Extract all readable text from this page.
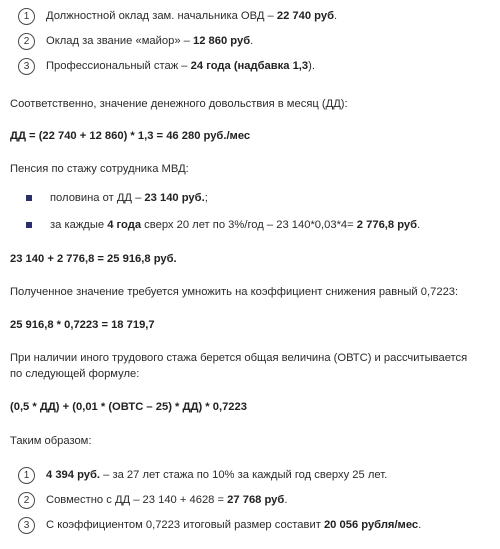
1	Должностной оклад зам. начальника ОВД – 22 740 руб.
2	Оклад за звание «майор» – 12 860 руб.
3	Профессиональный стаж – 24 года (надбавка 1,3).
Соответственно, значение денежного довольствия в месяц (ДД):
ДД = (22 740 + 12 860) * 1,3 = 46 280 руб./мес
Пенсия по стажу сотрудника МВД:
половина от ДД – 23 140 руб.;
за каждые 4 года сверх 20 лет по 3%/год – 23 140*0,03*4= 2 776,8 руб.
23 140 + 2 776,8 = 25 916,8 руб.
Полученное значение требуется умножить на коэффициент снижения равный 0,7223:
25 916,8 * 0,7223 = 18 719,7
При наличии иного трудового стажа берется общая величина (ОВТС) и рассчитывается
по следующей формуле:
(0,5 * ДД) + (0,01 * (ОВТС – 25) * ДД) * 0,7223
Таким образом:
1	4 394 руб. – за 27 лет стажа по 10% за каждый год сверху 25 лет.
2	Совместно с ДД – 23 140 + 4628 = 27 768 руб.
3	С коэффициентом 0,7223 итоговый размер составит 20 056 рубля/мес.
